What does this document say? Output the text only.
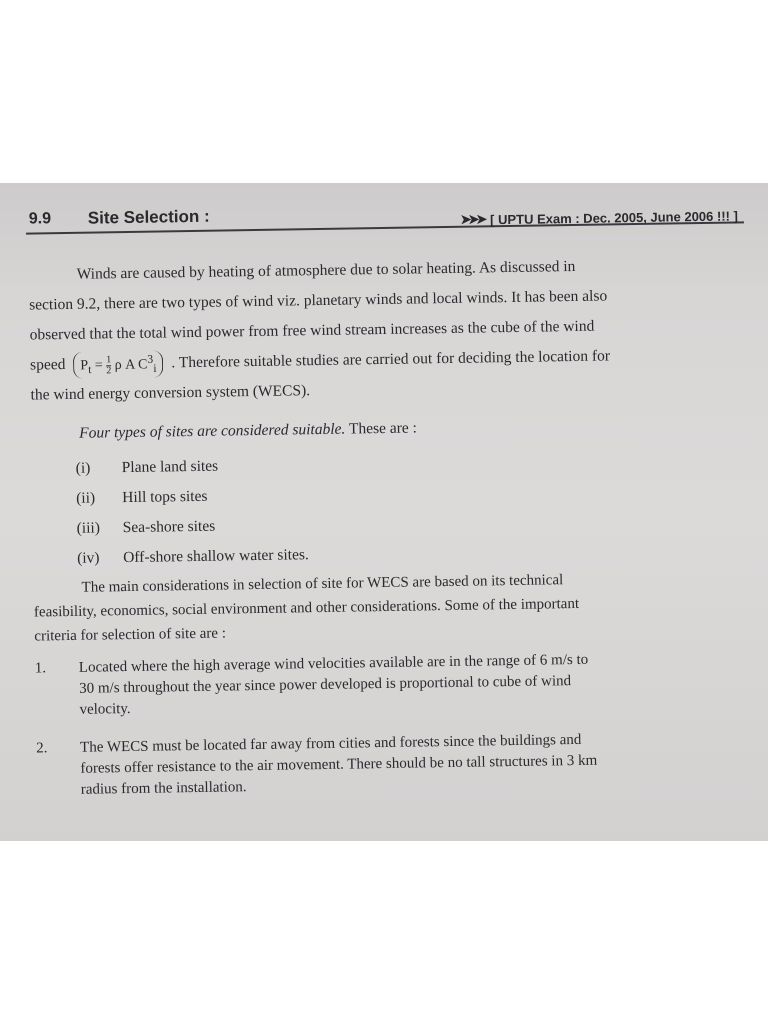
9.9 Site Selection :	➤➤➤ [ UPTU Exam : Dec. 2005, June 2006 !!! ]
Winds are caused by heating of atmosphere due to solar heating. As discussed in
section 9.2, there are two types of wind viz. planetary winds and local winds. It has been also
observed that the total wind power from free wind stream increases as the cube of the wind
speed $P_t = \frac{1}{2}$ ρ A $C^3_i$ . Therefore suitable studies are carried out for deciding the location for
the wind energy conversion system (WECS).
Four types of sites are considered suitable. These are :
(i) Plane land sites
(ii) Hill tops sites
(iii) Sea-shore sites
(iv) Off-shore shallow water sites.
The main considerations in selection of site for WECS are based on its technical
feasibility, economics, social environment and other considerations. Some of the important
criteria for selection of site are :
1. Located where the high average wind velocities available are in the range of 6 m/s to
30 m/s throughout the year since power developed is proportional to cube of wind
velocity.
2. The WECS must be located far away from cities and forests since the buildings and
forests offer resistance to the air movement. There should be no tall structures in 3 km
radius from the installation.
